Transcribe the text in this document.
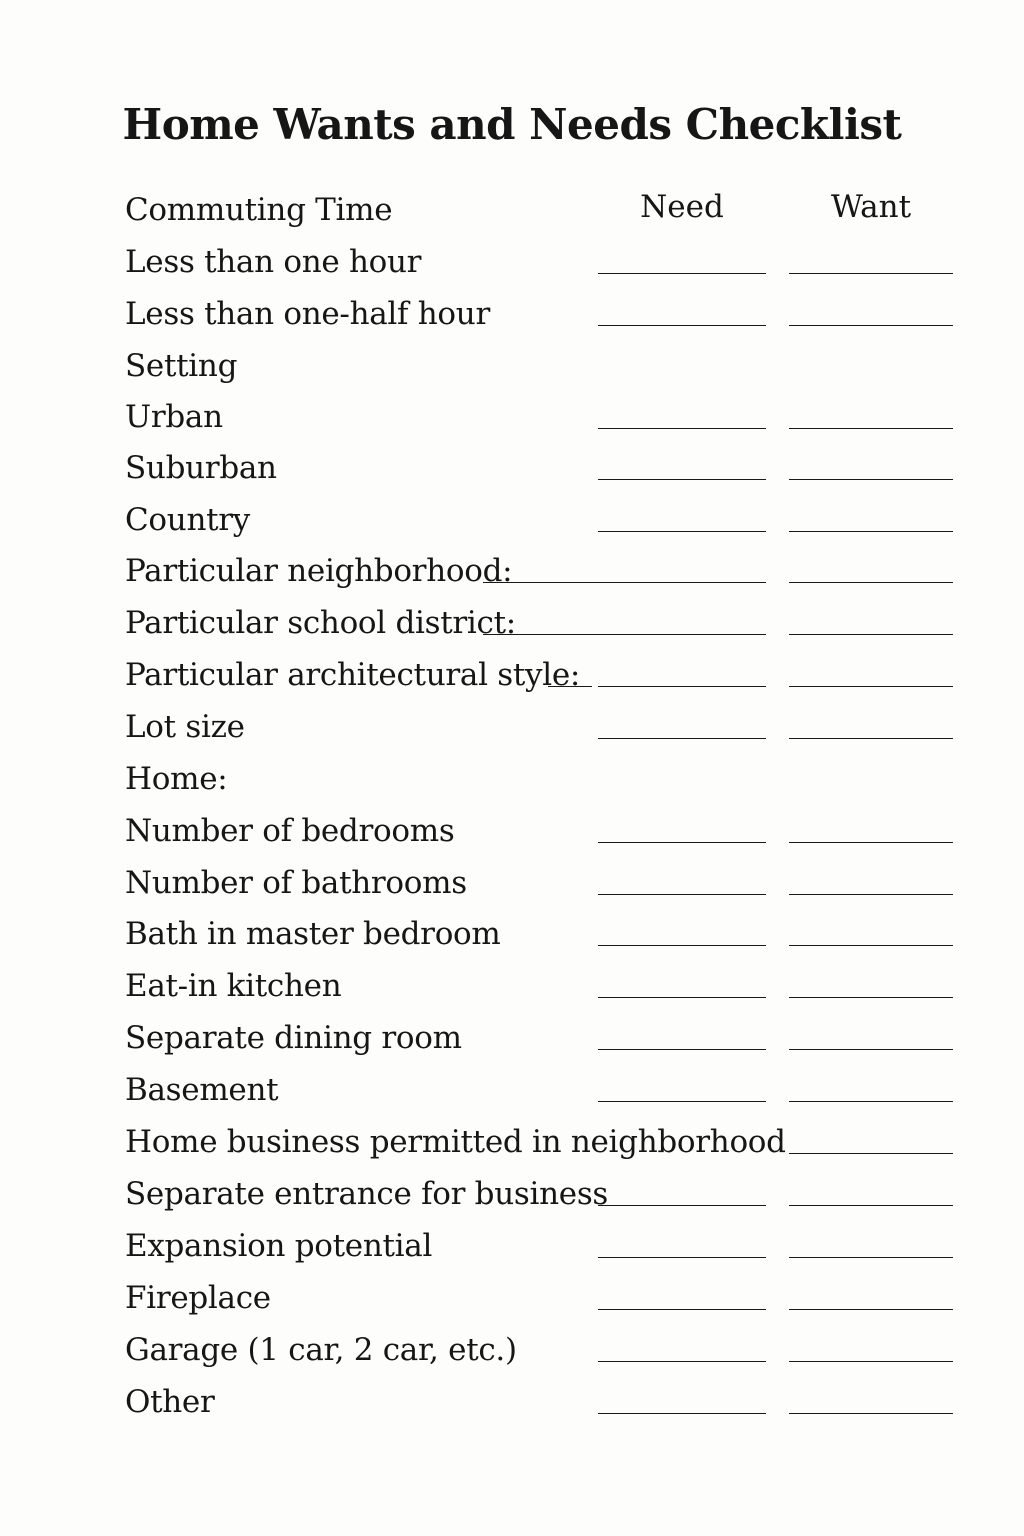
Home Wants and Needs Checklist
Need	Want
Commuting Time
Less than one hour
Less than one-half hour
Setting
Urban
Suburban
Country
Particular neighborhood:
Particular school district:
Particular architectural style:
Lot size
Home:
Number of bedrooms
Number of bathrooms
Bath in master bedroom
Eat-in kitchen
Separate dining room
Basement
Home business permitted in neighborhood
Separate entrance for business
Expansion potential
Fireplace
Garage (1 car, 2 car, etc.)
Other
